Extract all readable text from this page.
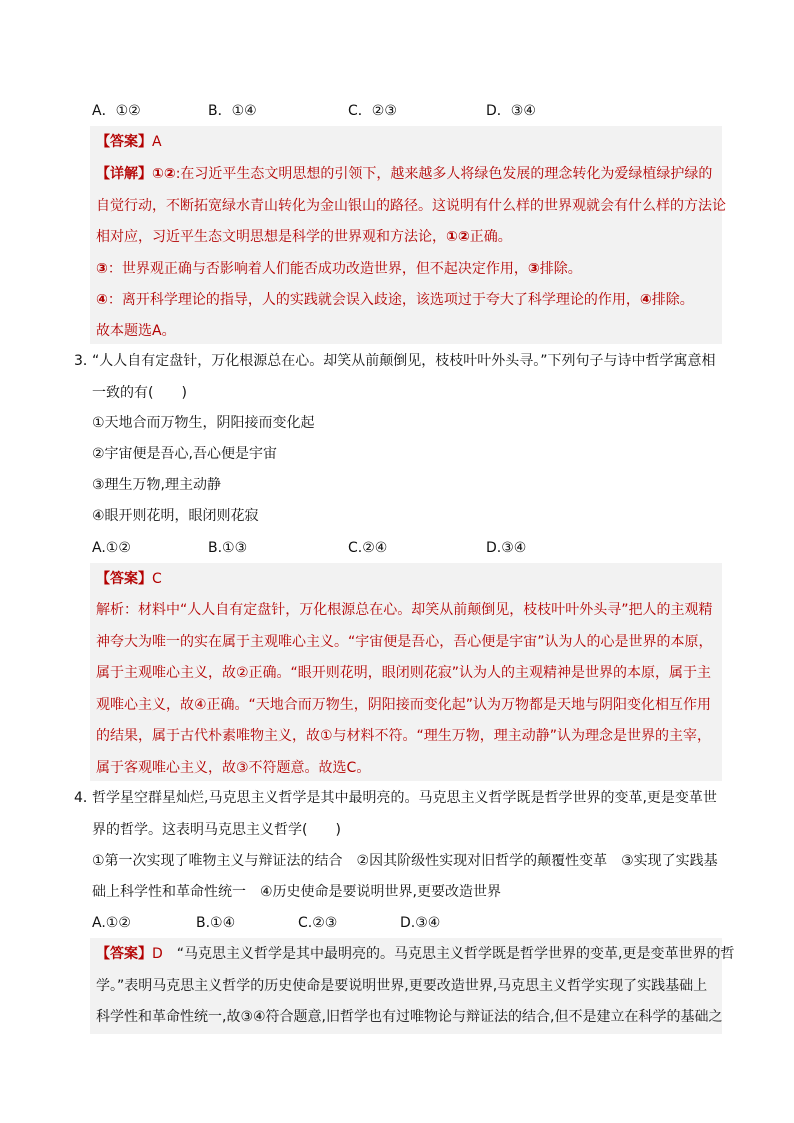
A．①②	B．①④	C．②③	D．③④
【答案】A
【详解】①②:在习近平生态文明思想的引领下，越来越多人将绿色发展的理念转化为爱绿植绿护绿的
自觉行动，不断拓宽绿水青山转化为金山银山的路径。这说明有什么样的世界观就会有什么样的方法论
相对应，习近平生态文明思想是科学的世界观和方法论，①②正确。
③：世界观正确与否影响着人们能否成功改造世界，但不起决定作用，③排除。
④：离开科学理论的指导，人的实践就会误入歧途，该选项过于夸大了科学理论的作用，④排除。
故本题选A。
3．
“人人自有定盘针，万化根源总在心。却笑从前颠倒见，枝枝叶叶外头寻。”下列句子与诗中哲学寓意相
一致的有(　　)
①天地合而万物生，阴阳接而变化起
②宇宙便是吾心,吾心便是宇宙
③理生万物,理主动静
④眼开则花明，眼闭则花寂
A.①②	B.①③	C.②④	D.③④
【答案】C
解析：材料中“人人自有定盘针，万化根源总在心。却笑从前颠倒见，枝枝叶叶外头寻”把人的主观精
神夸大为唯一的实在属于主观唯心主义。“宇宙便是吾心，吾心便是宇宙”认为人的心是世界的本原，
属于主观唯心主义，故②正确。“眼开则花明，眼闭则花寂”认为人的主观精神是世界的本原，属于主
观唯心主义，故④正确。“天地合而万物生，阴阳接而变化起”认为万物都是天地与阴阳变化相互作用
的结果，属于古代朴素唯物主义，故①与材料不符。“理生万物，理主动静”认为理念是世界的主宰，
属于客观唯心主义，故③不符题意。故选C。
4．
哲学星空群星灿烂,马克思主义哲学是其中最明亮的。马克思主义哲学既是哲学世界的变革,更是变革世
界的哲学。这表明马克思主义哲学(　　)
①第一次实现了唯物主义与辩证法的结合　②因其阶级性实现对旧哲学的颠覆性变革　③实现了实践基
础上科学性和革命性统一　④历史使命是要说明世界,更要改造世界
A.①②	B.①④	C.②③	D.③④
【答案】D　“马克思主义哲学是其中最明亮的。马克思主义哲学既是哲学世界的变革,更是变革世界的哲
学。”表明马克思主义哲学的历史使命是要说明世界,更要改造世界,马克思主义哲学实现了实践基础上
科学性和革命性统一,故③④符合题意,旧哲学也有过唯物论与辩证法的结合,但不是建立在科学的基础之
